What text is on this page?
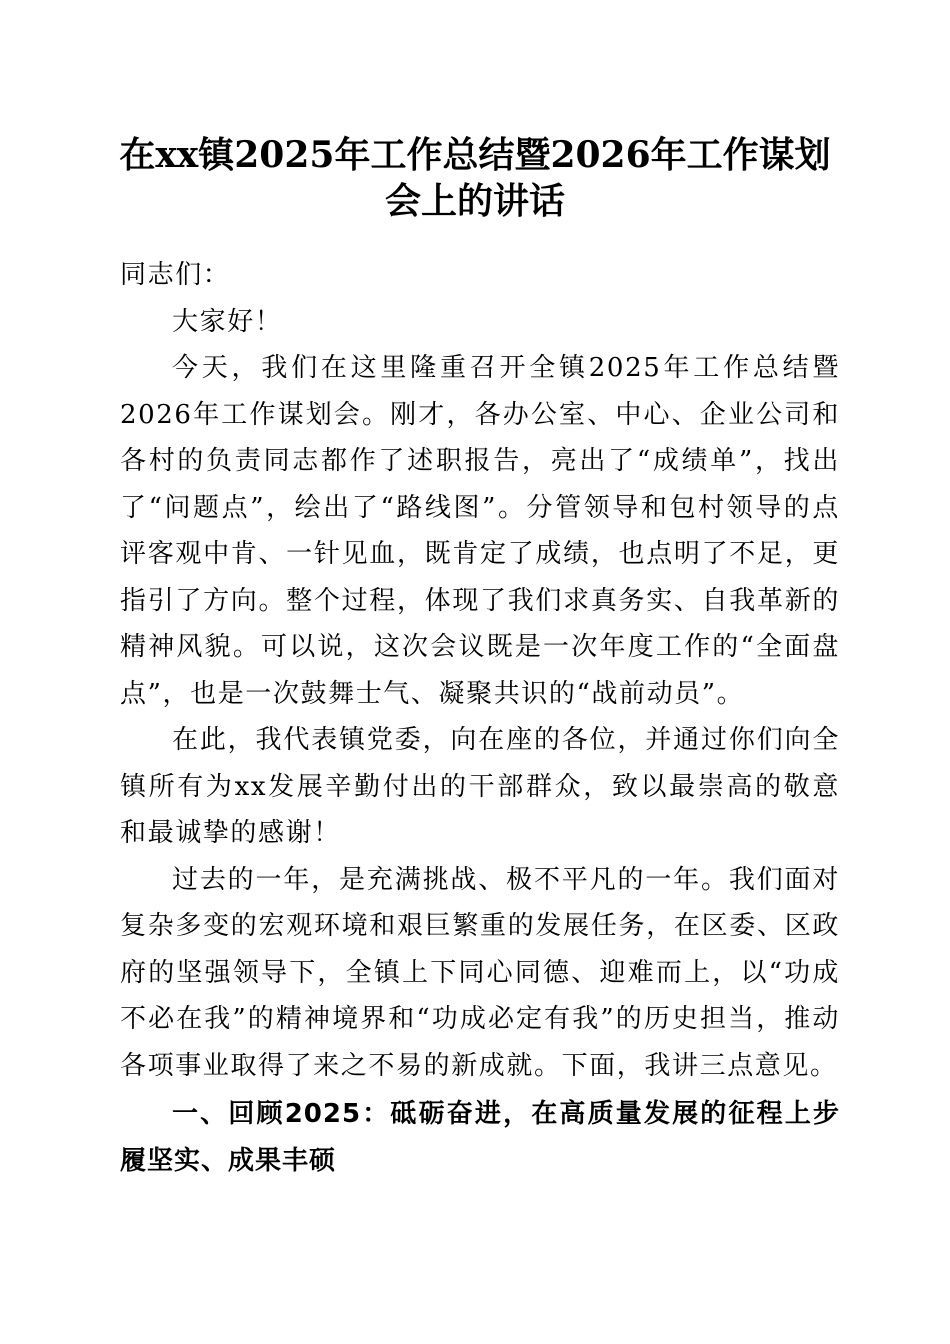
在xx镇2025年工作总结暨2026年工作谋划
会上的讲话

同志们：

大家好！

今天，我们在这里隆重召开全镇2025年工作总结暨2026年工作谋划会。刚才，各办公室、中心、企业公司和各村的负责同志都作了述职报告，亮出了“成绩单”，找出了“问题点”，绘出了“路线图”。分管领导和包村领导的点评客观中肯、一针见血，既肯定了成绩，也点明了不足，更指引了方向。整个过程，体现了我们求真务实、自我革新的精神风貌。可以说，这次会议既是一次年度工作的“全面盘点”，也是一次鼓舞士气、凝聚共识的“战前动员”。

在此，我代表镇党委，向在座的各位，并通过你们向全镇所有为xx发展辛勤付出的干部群众，致以最崇高的敬意和最诚挚的感谢！

过去的一年，是充满挑战、极不平凡的一年。我们面对复杂多变的宏观环境和艰巨繁重的发展任务，在区委、区政府的坚强领导下，全镇上下同心同德、迎难而上，以“功成不必在我”的精神境界和“功成必定有我”的历史担当，推动各项事业取得了来之不易的新成就。下面，我讲三点意见。

一、回顾2025：砥砺奋进，在高质量发展的征程上步履坚实、成果丰硕
